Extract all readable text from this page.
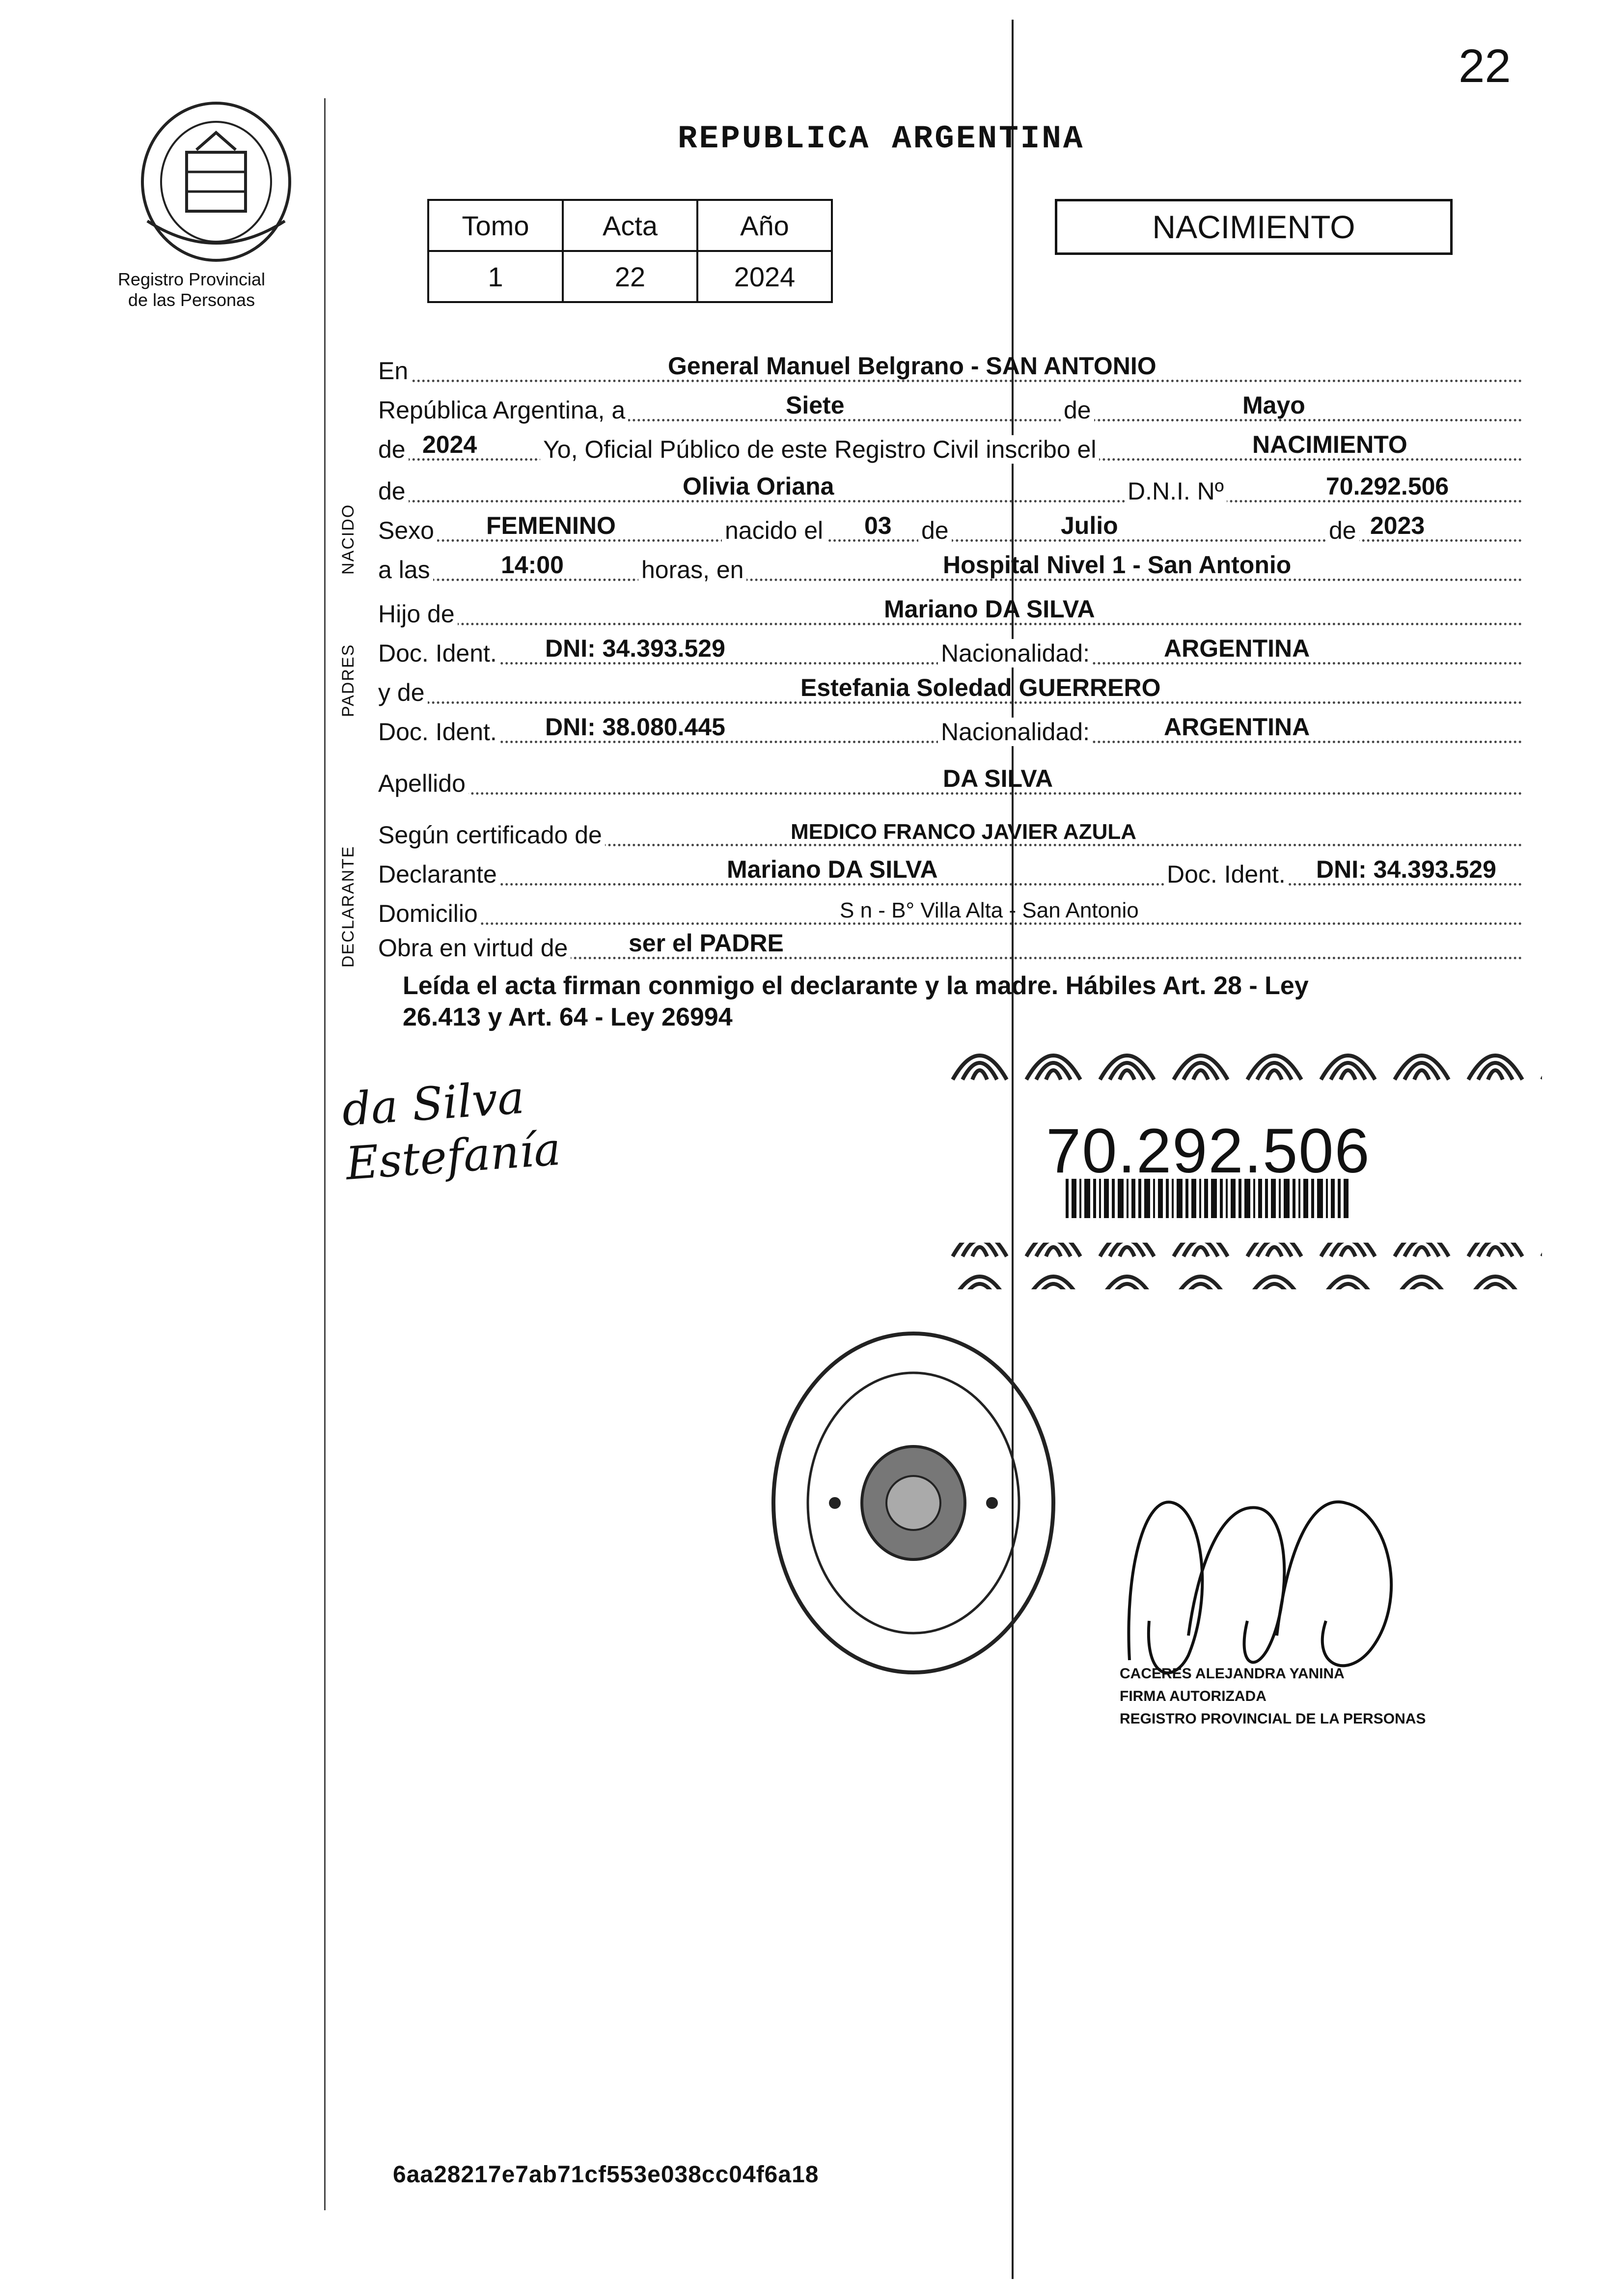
22
Registro Provincial
de las Personas
REPUBLICA ARGENTINA
Tomo	Acta	Año
1	22	2024
NACIMIENTO
NACIDO
PADRES
DECLARANTE
En	General Manuel Belgrano - SAN ANTONIO
República Argentina, a	Siete	de	Mayo
de 2024	Yo, Oficial Público de este Registro Civil inscribo el	NACIMIENTO
de	Olivia Oriana	D.N.I. Nº	70.292.506
Sexo FEMENINO	nacido el 03 de	Julio	de 2023
a las	14:00	horas, en	Hospital Nivel 1 - San Antonio
Hijo de	Mariano DA SILVA
Doc. Ident. DNI: 34.393.529	Nacionalidad:	ARGENTINA
y de	Estefania Soledad GUERRERO
Doc. Ident. DNI: 38.080.445	Nacionalidad:	ARGENTINA
Apellido	DA SILVA
Según certificado de	MEDICO FRANCO JAVIER AZULA
Declarante	Mariano DA SILVA	Doc. Ident. DNI: 34.393.529
Domicilio	S n - B° Villa Alta - San Antonio
Obra en virtud de ser el PADRE
Leída el acta firman conmigo el declarante y la madre. Hábiles Art. 28 - Ley
26.413 y Art. 64 - Ley 26994
da Silva
Estefanía	70.292.506
CACERES ALEJANDRA YANINA
FIRMA AUTORIZADA
REGISTRO PROVINCIAL DE LA PERSONAS
6aa28217e7ab71cf553e038cc04f6a18
